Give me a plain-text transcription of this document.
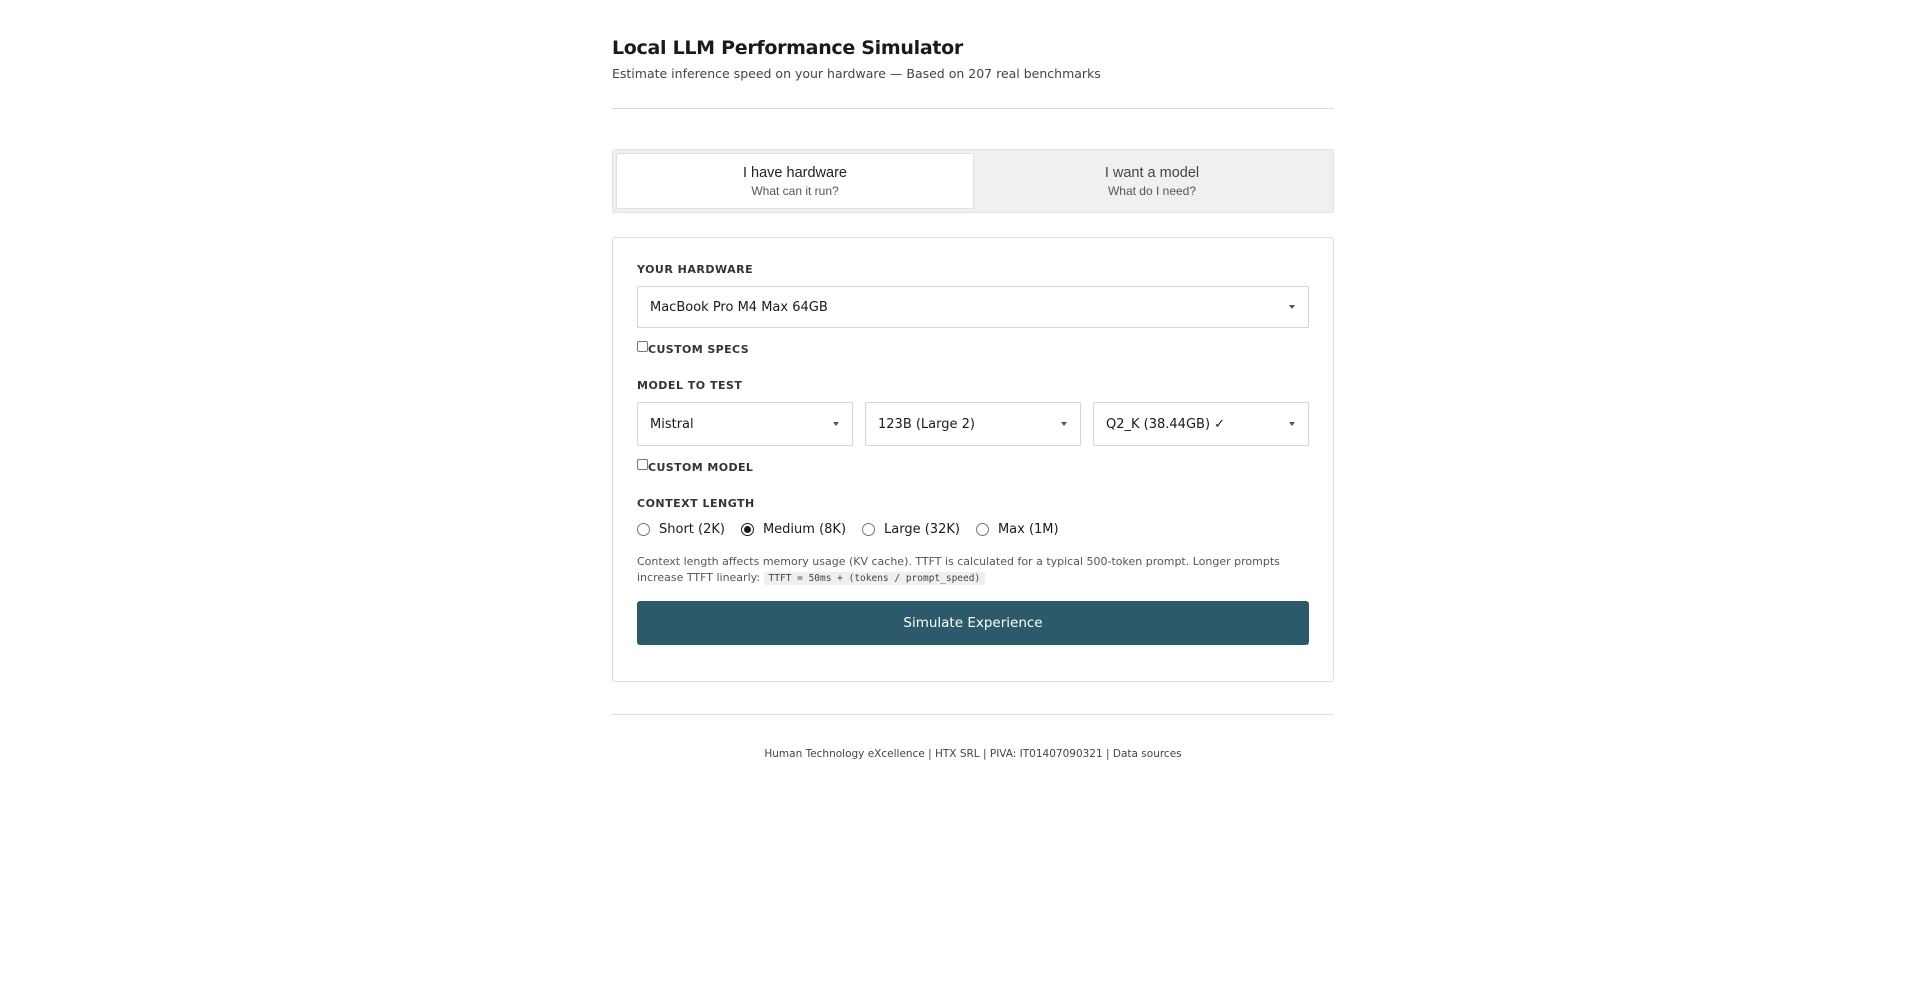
Local LLM Performance Simulator
Estimate inference speed on your hardware — Based on 207 real benchmarks
I have hardware
What can it run?
I want a model
What do I need?
YOUR HARDWARE
MacBook Pro M4 Max 64GB
CUSTOM SPECS
MODEL TO TEST
Mistral	123B (Large 2)	Q2_K (38.44GB) ✓
CUSTOM MODEL
CONTEXT LENGTH
Short (2K)	Medium (8K)	Large (32K)	Max (1M)
Context length affects memory usage (KV cache). TTFT is calculated for a typical 500-token prompt. Longer prompts increase TTFT linearly: TTFT = 50ms + (tokens / prompt_speed)
Simulate Experience
Human Technology eXcellence | HTX SRL | PIVA: IT01407090321 | Data sources
